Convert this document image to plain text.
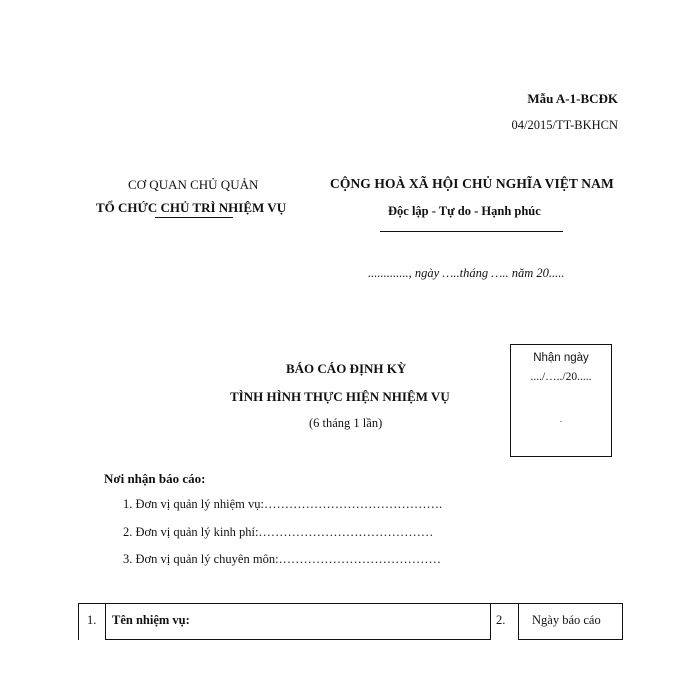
Mẫu A-1-BCĐK
04/2015/TT-BKHCN
CƠ QUAN CHỦ QUẢN
TỔ CHỨC CHỦ TRÌ NHIỆM VỤ
CỘNG HOÀ XÃ HỘI CHỦ NGHĨA VIỆT NAM
Độc lập - Tự do - Hạnh phúc
............., ngày …..tháng ….. năm 20.....
BÁO CÁO ĐỊNH KỲ
TÌNH HÌNH THỰC HIỆN NHIỆM VỤ
(6 tháng 1 lần)
Nhận ngày
..../…../20.....
.
Nơi nhận báo cáo:
1. Đơn vị quản lý nhiệm vụ:…………………………………….
2. Đơn vị quản lý kinh phí:……………………………………
3. Đơn vị quản lý chuyên môn:…………………………………
1. Tên nhiệm vụ:	2. Ngày báo cáo
